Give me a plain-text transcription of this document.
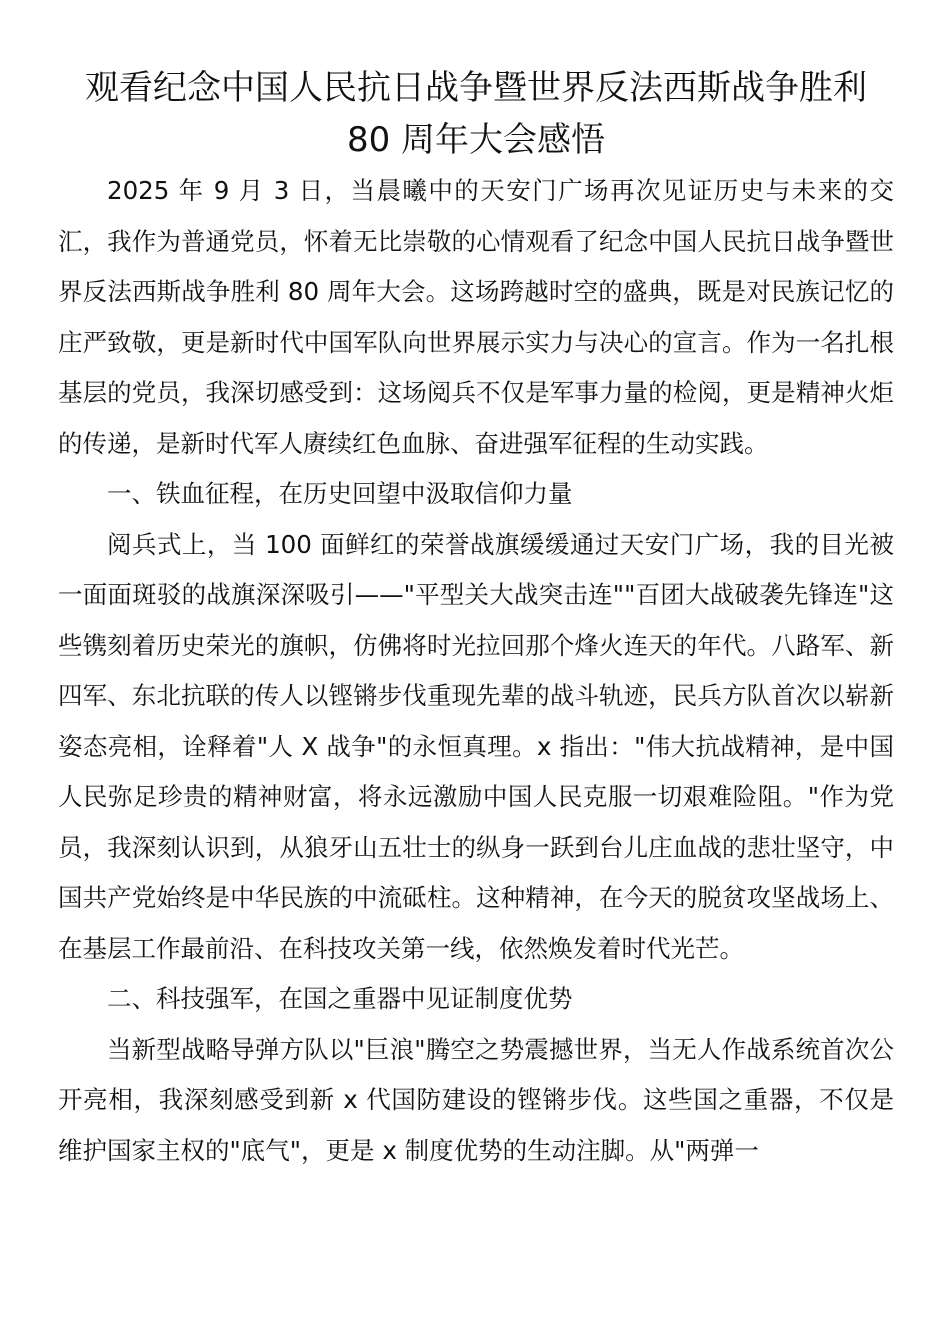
观看纪念中国人民抗日战争暨世界反法西斯战争胜利
80 周年大会感悟

2025 年 9 月 3 日，当晨曦中的天安门广场再次见证历史与未来的交汇，我作为普通党员，怀着无比崇敬的心情观看了纪念中国人民抗日战争暨世界反法西斯战争胜利 80 周年大会。这场跨越时空的盛典，既是对民族记忆的庄严致敬，更是新时代中国军队向世界展示实力与决心的宣言。作为一名扎根基层的党员，我深切感受到：这场阅兵不仅是军事力量的检阅，更是精神火炬的传递，是新时代军人赓续红色血脉、奋进强军征程的生动实践。

一、铁血征程，在历史回望中汲取信仰力量

阅兵式上，当 100 面鲜红的荣誉战旗缓缓通过天安门广场，我的目光被一面面斑驳的战旗深深吸引——"平型关大战突击连""百团大战破袭先锋连"这些镌刻着历史荣光的旗帜，仿佛将时光拉回那个烽火连天的年代。八路军、新四军、东北抗联的传人以铿锵步伐重现先辈的战斗轨迹，民兵方队首次以崭新姿态亮相，诠释着"人 X 战争"的永恒真理。x 指出："伟大抗战精神，是中国人民弥足珍贵的精神财富，将永远激励中国人民克服一切艰难险阻。"作为党员，我深刻认识到，从狼牙山五壮士的纵身一跃到台儿庄血战的悲壮坚守，中国共产党始终是中华民族的中流砥柱。这种精神，在今天的脱贫攻坚战场上、在基层工作最前沿、在科技攻关第一线，依然焕发着时代光芒。

二、科技强军，在国之重器中见证制度优势

当新型战略导弹方队以"巨浪"腾空之势震撼世界，当无人作战系统首次公开亮相，我深刻感受到新 x 代国防建设的铿锵步伐。这些国之重器，不仅是维护国家主权的"底气"，更是 x 制度优势的生动注脚。从"两弹一
